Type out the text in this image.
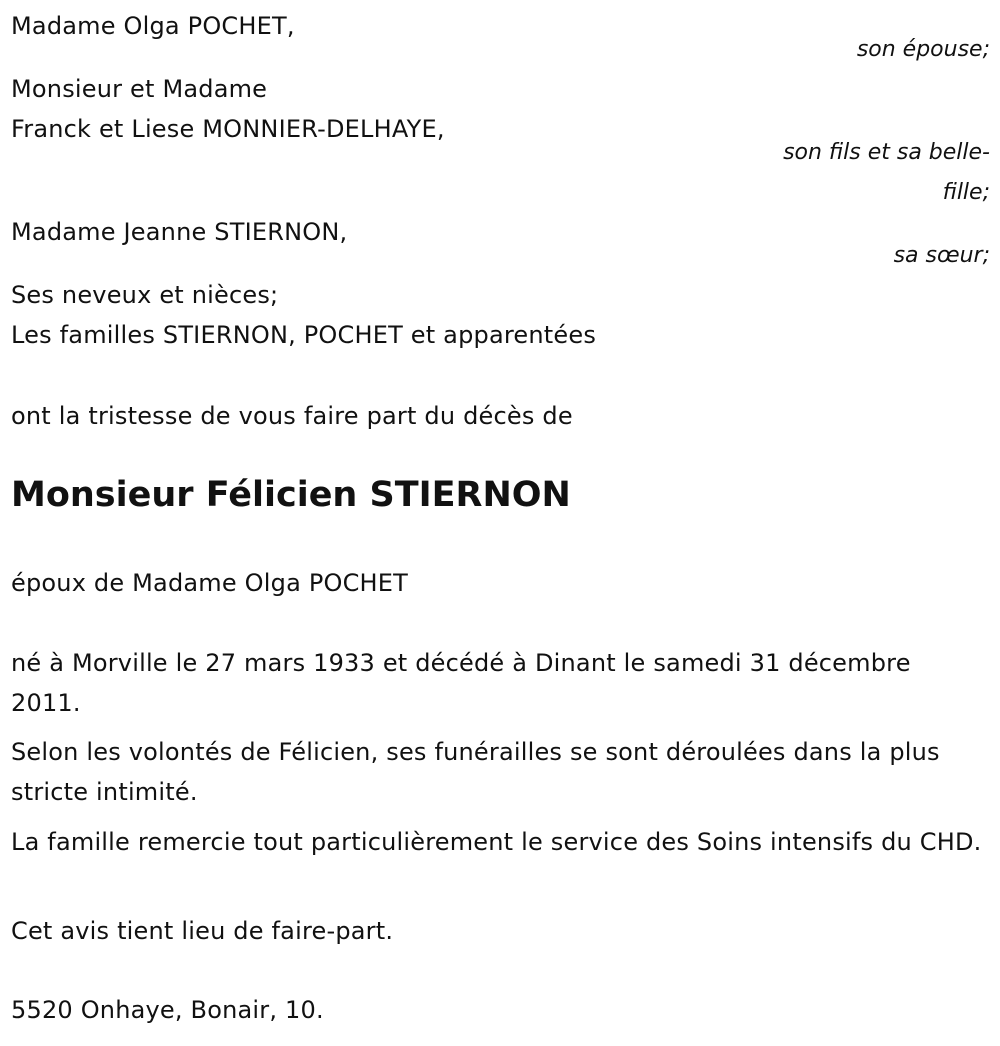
Madame Olga POCHET,

son épouse;

Monsieur et Madame

Franck et Liese MONNIER-DELHAYE,

son fils et sa belle-fille;

Madame Jeanne STIERNON,

sa sœur;

Ses neveux et nièces;

Les familles STIERNON, POCHET et apparentées

ont la tristesse de vous faire part du décès de

Monsieur Félicien STIERNON

époux de Madame Olga POCHET

né à Morville le 27 mars 1933 et décédé à Dinant le samedi 31 décembre 2011.

Selon les volontés de Félicien, ses funérailles se sont déroulées dans la plus stricte intimité.

La famille remercie tout particulièrement le service des Soins intensifs du CHD.

Cet avis tient lieu de faire-part.

5520 Onhaye, Bonair, 10.
